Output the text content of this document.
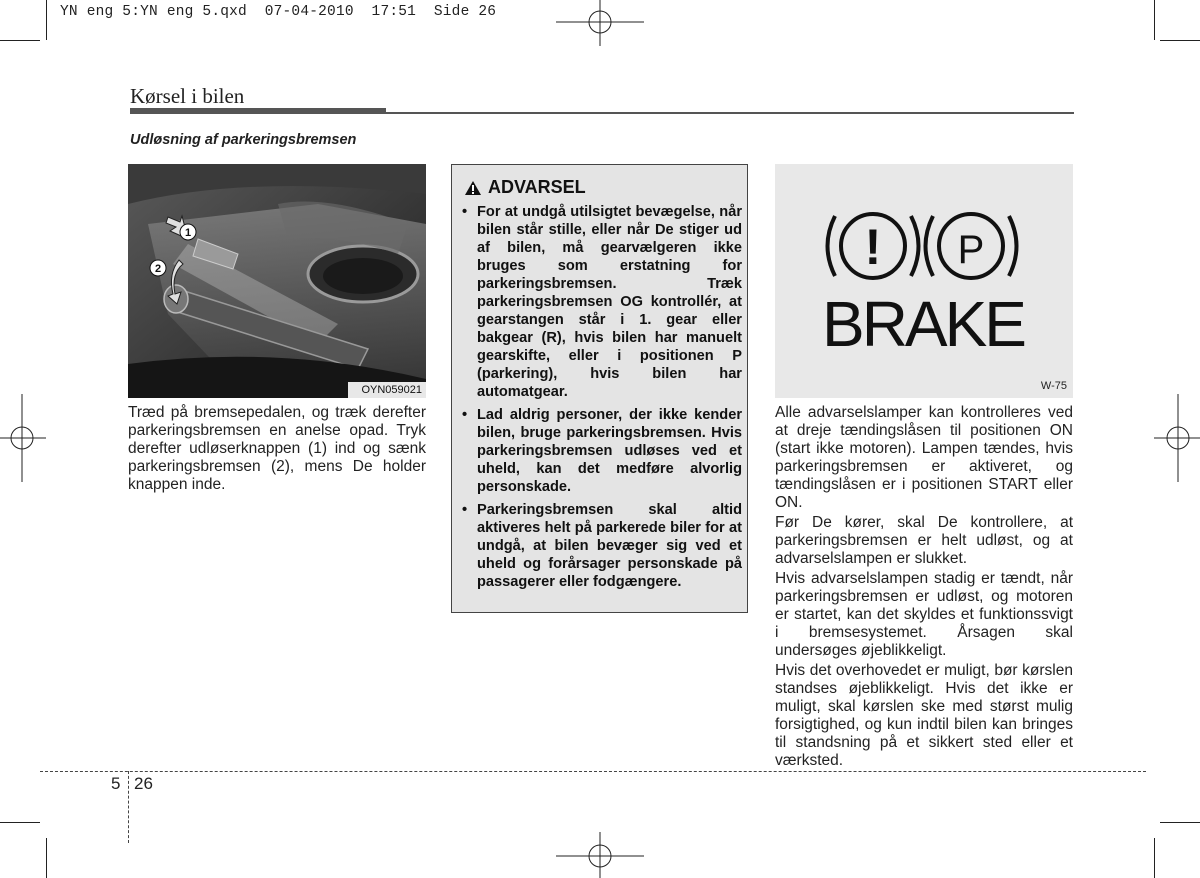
YN eng 5:YN eng 5.qxd  07-04-2010  17:51  Side 26
Kørsel i bilen
Udløsning af parkeringsbremsen
1
2
OYN059021
Træd på bremsepedalen, og træk derefter parkeringsbremsen en anelse opad. Tryk derefter udløserknappen (1) ind og sænk parkeringsbremsen (2), mens De holder knappen inde.
ADVARSEL
• For at undgå utilsigtet bevægelse, når bilen står stille, eller når De stiger ud af bilen, må gearvælgeren ikke bruges som erstatning for parkeringsbremsen. Træk parkeringsbremsen OG kontrollér, at gearstangen står i 1. gear eller bakgear (R), hvis bilen har manuelt gearskifte, eller i positionen P (parkering), hvis bilen har automatgear.
• Lad aldrig personer, der ikke kender bilen, bruge parkeringsbremsen. Hvis parkeringsbremsen udløses ved et uheld, kan det medføre alvorlig personskade.
• Parkeringsbremsen skal altid aktiveres helt på parkerede biler for at undgå, at bilen bevæger sig ved et uheld og forårsager personskade på passagerer eller fodgængere.
! P
BRAKE
W-75

Alle advarselslamper kan kontrolleres ved at dreje tændingslåsen til positionen ON (start ikke motoren). Lampen tændes, hvis parkeringsbremsen er aktiveret, og tændingslåsen er i positionen START eller ON.

Før De kører, skal De kontrollere, at parkeringsbremsen er helt udløst, og at advarselslampen er slukket.

Hvis advarselslampen stadig er tændt, når parkeringsbremsen er udløst, og motoren er startet, kan det skyldes et funktionssvigt i bremsesystemet. Årsagen skal undersøges øjeblikkeligt.

Hvis det overhovedet er muligt, bør kørslen standses øjeblikkeligt. Hvis det ikke er muligt, skal kørslen ske med størst mulig forsigtighed, og kun indtil bilen kan bringes til standsning på et sikkert sted eller et værksted.

5 26
